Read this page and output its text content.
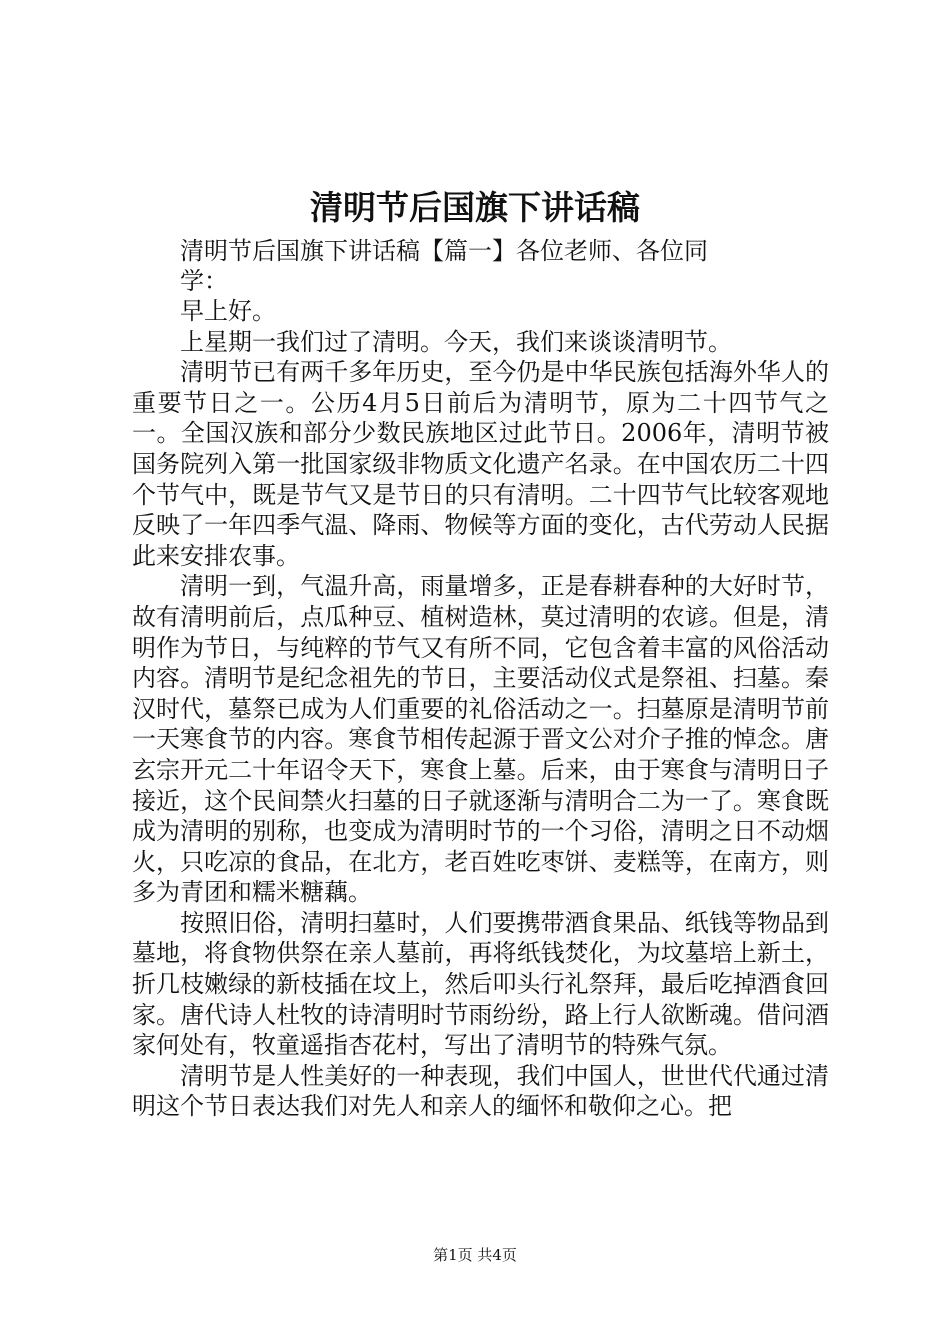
清明节后国旗下讲话稿

清明节后国旗下讲话稿【篇一】各位老师、各位同学：

早上好。

上星期一我们过了清明。今天，我们来谈谈清明节。

清明节已有两千多年历史，至今仍是中华民族包括海外华人的重要节日之一。公历4月5日前后为清明节，原为二十四节气之一。全国汉族和部分少数民族地区过此节日。2006年，清明节被国务院列入第一批国家级非物质文化遗产名录。在中国农历二十四个节气中，既是节气又是节日的只有清明。二十四节气比较客观地反映了一年四季气温、降雨、物候等方面的变化，古代劳动人民据此来安排农事。

清明一到，气温升高，雨量增多，正是春耕春种的大好时节，故有清明前后，点瓜种豆、植树造林，莫过清明的农谚。但是，清明作为节日，与纯粹的节气又有所不同，它包含着丰富的风俗活动内容。清明节是纪念祖先的节日，主要活动仪式是祭祖、扫墓。秦汉时代，墓祭已成为人们重要的礼俗活动之一。扫墓原是清明节前一天寒食节的内容。寒食节相传起源于晋文公对介子推的悼念。唐玄宗开元二十年诏令天下，寒食上墓。后来，由于寒食与清明日子接近，这个民间禁火扫墓的日子就逐渐与清明合二为一了。寒食既成为清明的别称，也变成为清明时节的一个习俗，清明之日不动烟火，只吃凉的食品，在北方，老百姓吃枣饼、麦糕等，在南方，则多为青团和糯米糖藕。

按照旧俗，清明扫墓时，人们要携带酒食果品、纸钱等物品到墓地，将食物供祭在亲人墓前，再将纸钱焚化，为坟墓培上新土，折几枝嫩绿的新枝插在坟上，然后叩头行礼祭拜，最后吃掉酒食回家。唐代诗人杜牧的诗清明时节雨纷纷，路上行人欲断魂。借问酒家何处有，牧童遥指杏花村，写出了清明节的特殊气氛。

清明节是人性美好的一种表现，我们中国人，世世代代通过清明这个节日表达我们对先人和亲人的缅怀和敬仰之心。把

第1页 共4页
